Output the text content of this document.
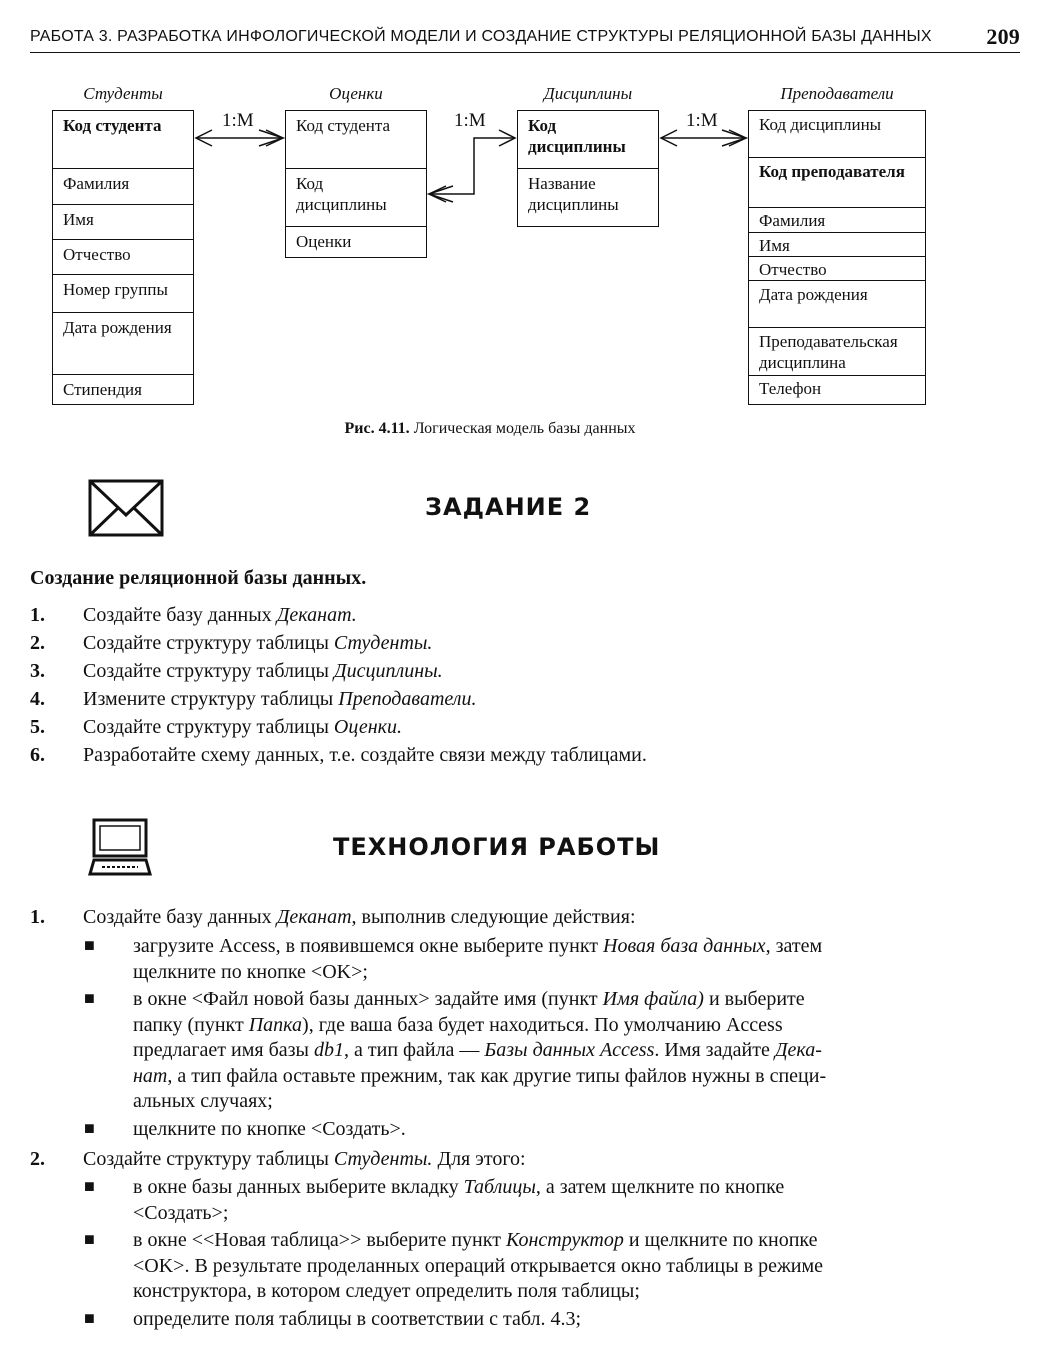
РАБОТА 3. РАЗРАБОТКА ИНФОЛОГИЧЕСКОЙ МОДЕЛИ И СОЗДАНИЕ СТРУКТУРЫ РЕЛЯЦИОННОЙ БАЗЫ ДАННЫХ 209
Студенты
Код студента
Фамилия
Имя
Отчество
Номер группы
Дата рождения
Стипендия
Оценки
Код студента
Код дисциплины
Оценки
Дисциплины
Код дисциплины
Название дисциплины
Преподаватели
Код дисциплины
Код преподавателя
Фамилия
Имя
Отчество
Дата рождения
Преподавательская дисциплина
Телефон
1:M	1:M	1:M
Рис. 4.11. Логическая модель базы данных
ЗАДАНИЕ 2
Создание реляционной базы данных.
1. Создайте базу данных Деканат.
2. Создайте структуру таблицы Студенты.
3. Создайте структуру таблицы Дисциплины.
4. Измените структуру таблицы Преподаватели.
5. Создайте структуру таблицы Оценки.
6. Разработайте схему данных, т.е. создайте связи между таблицами.
ТЕХНОЛОГИЯ РАБОТЫ
1. Создайте базу данных Деканат, выполнив следующие действия:
■ загрузите Access, в появившемся окне выберите пункт Новая база данных, затем
щелкните по кнопке <OK>;
■ в окне <Файл новой базы данных> задайте имя (пункт Имя файла) и выберите
папку (пункт Папка), где ваша база будет находиться. По умолчанию Access
предлагает имя базы db1, а тип файла — Базы данных Access. Имя задайте Дека-
нат, а тип файла оставьте прежним, так как другие типы файлов нужны в специ-
альных случаях;
■ щелкните по кнопке <Создать>.
2. Создайте структуру таблицы Студенты. Для этого:
■ в окне базы данных выберите вкладку Таблицы, а затем щелкните по кнопке
<Создать>;
■ в окне <<Новая таблица>> выберите пункт Конструктор и щелкните по кнопке
<OK>. В результате проделанных операций открывается окно таблицы в режиме
конструктора, в котором следует определить поля таблицы;
■ определите поля таблицы в соответствии с табл. 4.3;
